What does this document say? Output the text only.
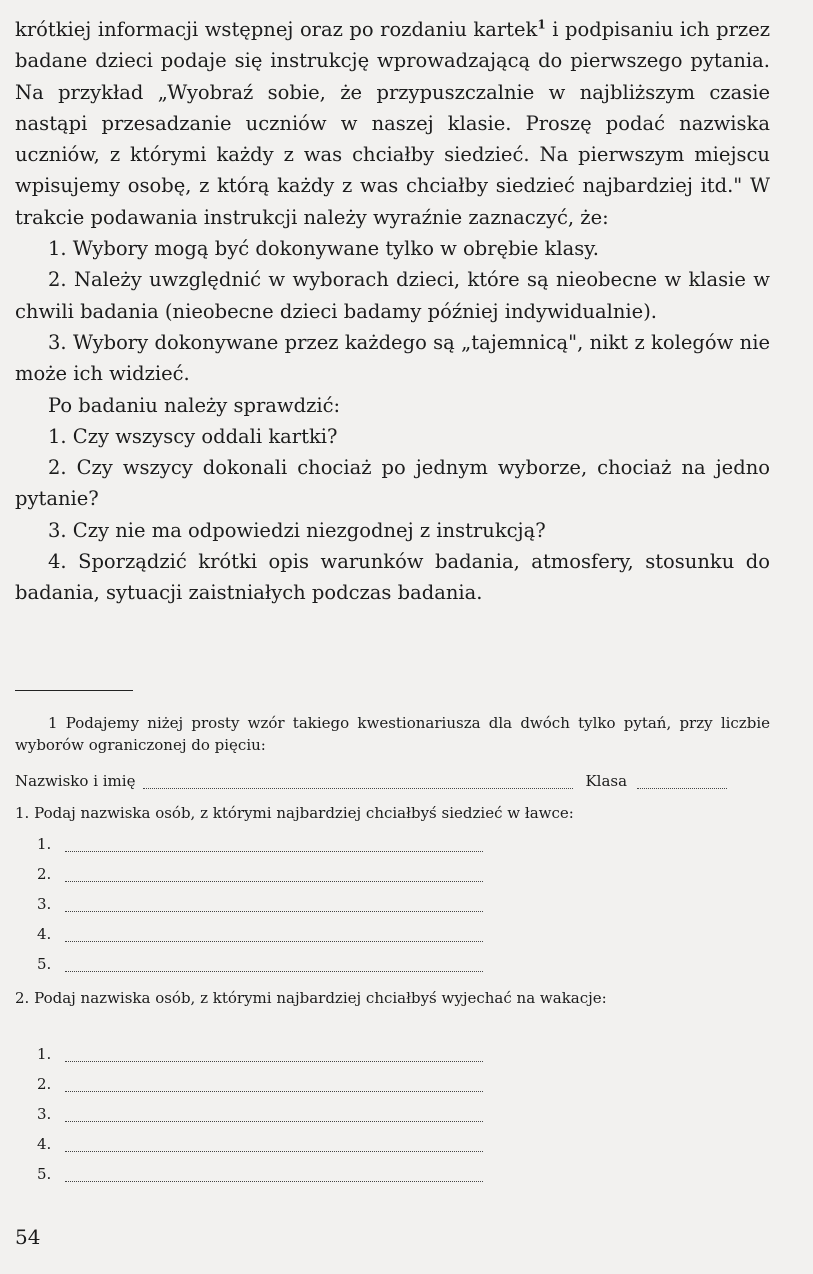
krótkiej informacji wstępnej oraz po rozdaniu kartek$^1$ i podpisaniu ich przez badane dzieci podaje się instrukcję wprowadzającą do pierwszego pytania. Na przykład „Wyobraź sobie, że przypuszczalnie w najbliższym czasie nastąpi przesadzanie uczniów w naszej klasie. Proszę podać nazwiska uczniów, z którymi każdy z was chciałby siedzieć. Na pierwszym miejscu wpisujemy osobę, z którą każdy z was chciałby siedzieć najbardziej itd." W trakcie podawania instrukcji należy wyraźnie zaznaczyć, że:

1. Wybory mogą być dokonywane tylko w obrębie klasy.

2. Należy uwzględnić w wyborach dzieci, które są nieobecne w klasie w chwili badania (nieobecne dzieci badamy później indywidualnie).

3. Wybory dokonywane przez każdego są „tajemnicą", nikt z kolegów nie może ich widzieć.

Po badaniu należy sprawdzić:

1. Czy wszyscy oddali kartki?

2. Czy wszycy dokonali chociaż po jednym wyborze, chociaż na jedno pytanie?

3. Czy nie ma odpowiedzi niezgodnej z instrukcją?

4. Sporządzić krótki opis warunków badania, atmosfery, stosunku do badania, sytuacji zaistniałych podczas badania.

1 Podajemy niżej prosty wzór takiego kwestionariusza dla dwóch tylko pytań, przy liczbie wyborów ograniczonej do pięciu:

Nazwisko i imię	Klasa
1. Podaj nazwiska osób, z którymi najbardziej chciałbyś siedzieć w ławce:
1.
2.
3.
4.
5.
2. Podaj nazwiska osób, z którymi najbardziej chciałbyś wyjechać na wakacje:
1.
2.
3.
4.
5.
54
